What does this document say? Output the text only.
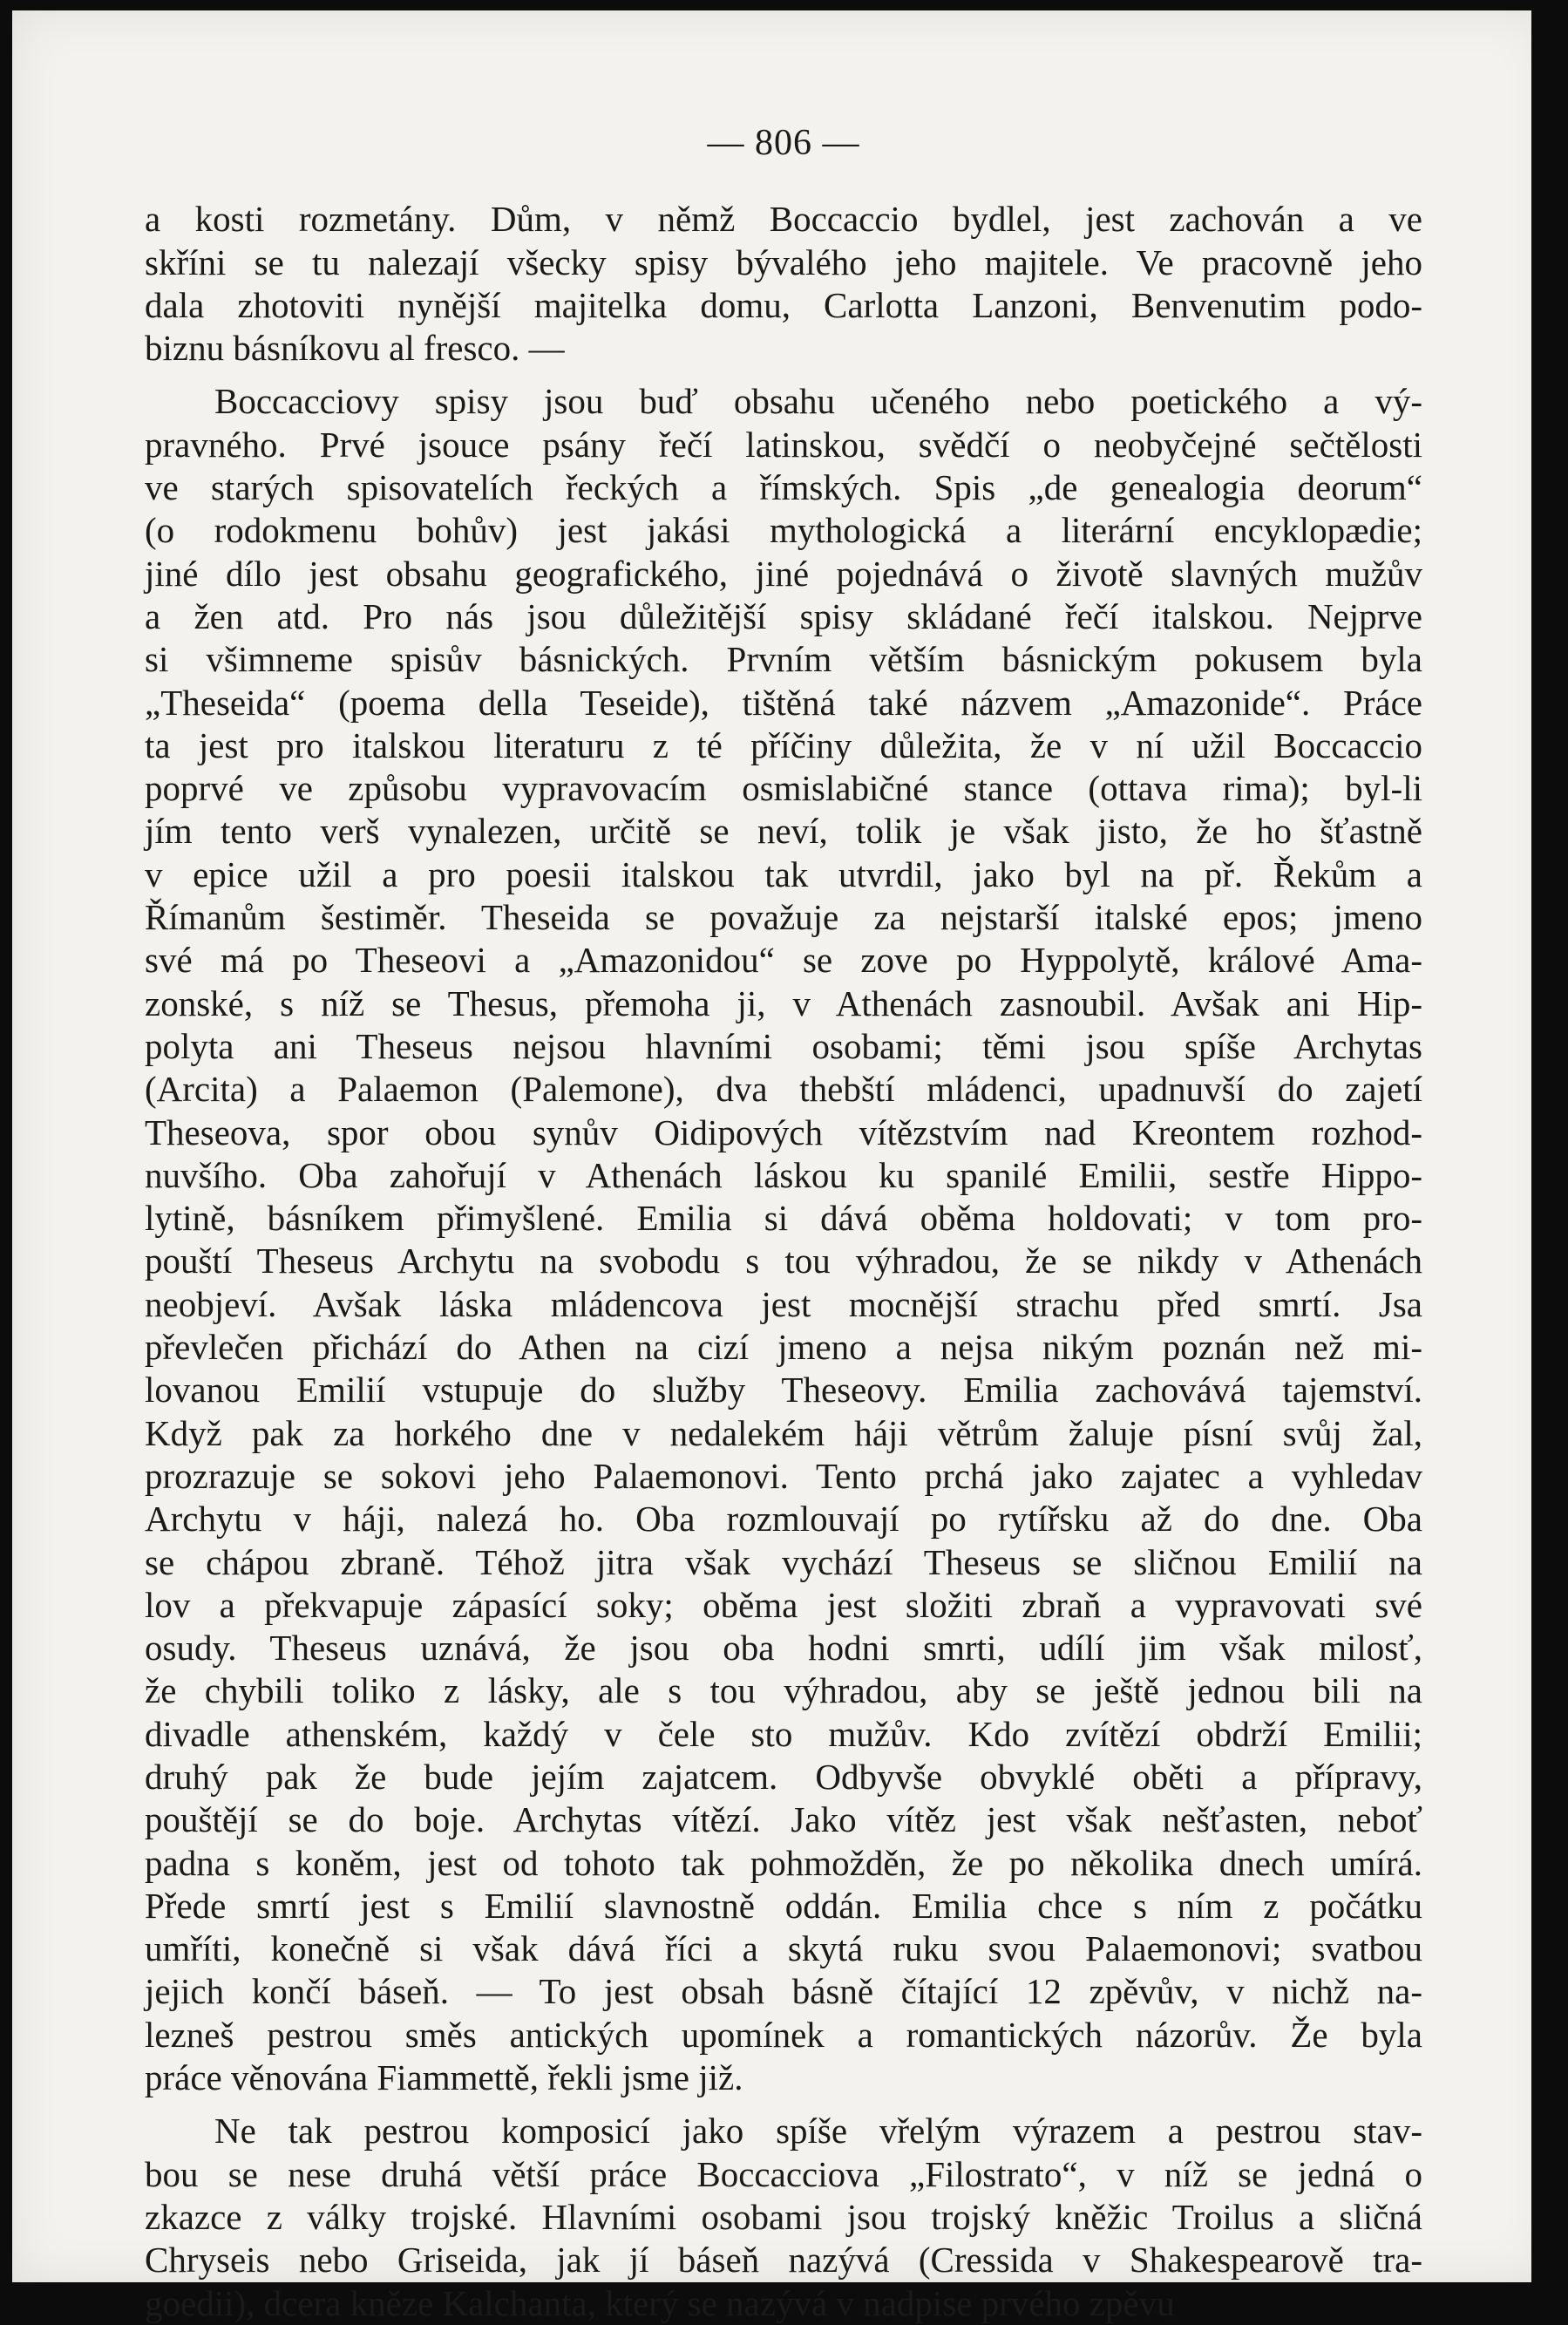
— 806 —
a kosti rozmetány. Dům, v němž Boccaccio bydlel, jest zachován a ve
skříni se tu nalezají všecky spisy bývalého jeho majitele. Ve pracovně jeho
dala zhotoviti nynější majitelka domu, Carlotta Lanzoni, Benvenutim podo-
biznu básníkovu al fresco. —
Boccacciovy spisy jsou buď obsahu učeného nebo poetického a vý-
pravného. Prvé jsouce psány řečí latinskou, svědčí o neobyčejné sečtělosti
ve starých spisovatelích řeckých a římských. Spis „de genealogia deorum“
(o rodokmenu bohův) jest jakási mythologická a literární encyklopædie;
jiné dílo jest obsahu geografického, jiné pojednává o životě slavných mužův
a žen atd. Pro nás jsou důležitější spisy skládané řečí italskou. Nejprve
si všimneme spisův básnických. Prvním větším básnickým pokusem byla
„Theseida“ (poema della Teseide), tištěná také názvem „Amazonide“. Práce
ta jest pro italskou literaturu z té příčiny důležita, že v ní užil Boccaccio
poprvé ve způsobu vypravovacím osmislabičné stance (ottava rima); byl-li
jím tento verš vynalezen, určitě se neví, tolik je však jisto, že ho šťastně
v epice užil a pro poesii italskou tak utvrdil, jako byl na př. Řekům a
Římanům šestiměr. Theseida se považuje za nejstarší italské epos; jmeno
své má po Theseovi a „Amazonidou“ se zove po Hyppolytě, králové Ama-
zonské, s níž se Thesus, přemoha ji, v Athenách zasnoubil. Avšak ani Hip-
polyta ani Theseus nejsou hlavními osobami; těmi jsou spíše Archytas
(Arcita) a Palaemon (Palemone), dva thebští mládenci, upadnuvší do zajetí
Theseova, spor obou synův Oidipových vítězstvím nad Kreontem rozhod-
nuvšího. Oba zahořují v Athenách láskou ku spanilé Emilii, sestře Hippo-
lytině, básníkem přimyšlené. Emilia si dává oběma holdovati; v tom pro-
pouští Theseus Archytu na svobodu s tou výhradou, že se nikdy v Athenách
neobjeví. Avšak láska mládencova jest mocnější strachu před smrtí. Jsa
převlečen přichází do Athen na cizí jmeno a nejsa nikým poznán než mi-
lovanou Emilií vstupuje do služby Theseovy. Emilia zachovává tajemství.
Když pak za horkého dne v nedalekém háji větrům žaluje písní svůj žal,
prozrazuje se sokovi jeho Palaemonovi. Tento prchá jako zajatec a vyhledav
Archytu v háji, nalezá ho. Oba rozmlouvají po rytířsku až do dne. Oba
se chápou zbraně. Téhož jitra však vychází Theseus se sličnou Emilií na
lov a překvapuje zápasící soky; oběma jest složiti zbraň a vypravovati své
osudy. Theseus uznává, že jsou oba hodni smrti, udílí jim však milosť,
že chybili toliko z lásky, ale s tou výhradou, aby se ještě jednou bili na
divadle athenském, každý v čele sto mužův. Kdo zvítězí obdrží Emilii;
druhý pak že bude jejím zajatcem. Odbyvše obvyklé oběti a přípravy,
pouštějí se do boje. Archytas vítězí. Jako vítěz jest však nešťasten, neboť
padna s koněm, jest od tohoto tak pohmožděn, že po několika dnech umírá.
Přede smrtí jest s Emilií slavnostně oddán. Emilia chce s ním z počátku
umříti, konečně si však dává říci a skytá ruku svou Palaemonovi; svatbou
jejich končí báseň. — To jest obsah básně čítající 12 zpěvův, v nichž na-
lezneš pestrou směs antických upomínek a romantických názorův. Že byla
práce věnována Fiammettě, řekli jsme již.
Ne tak pestrou komposicí jako spíše vřelým výrazem a pestrou stav-
bou se nese druhá větší práce Boccacciova „Filostrato“, v níž se jedná o
zkazce z války trojské. Hlavními osobami jsou trojský kněžic Troilus a sličná
Chryseis nebo Griseida, jak jí báseň nazývá (Cressida v Shakespearově tra-
goedii), dcera kněze Kalchanta, který se nazývá v nadpise prvého zpěvu
